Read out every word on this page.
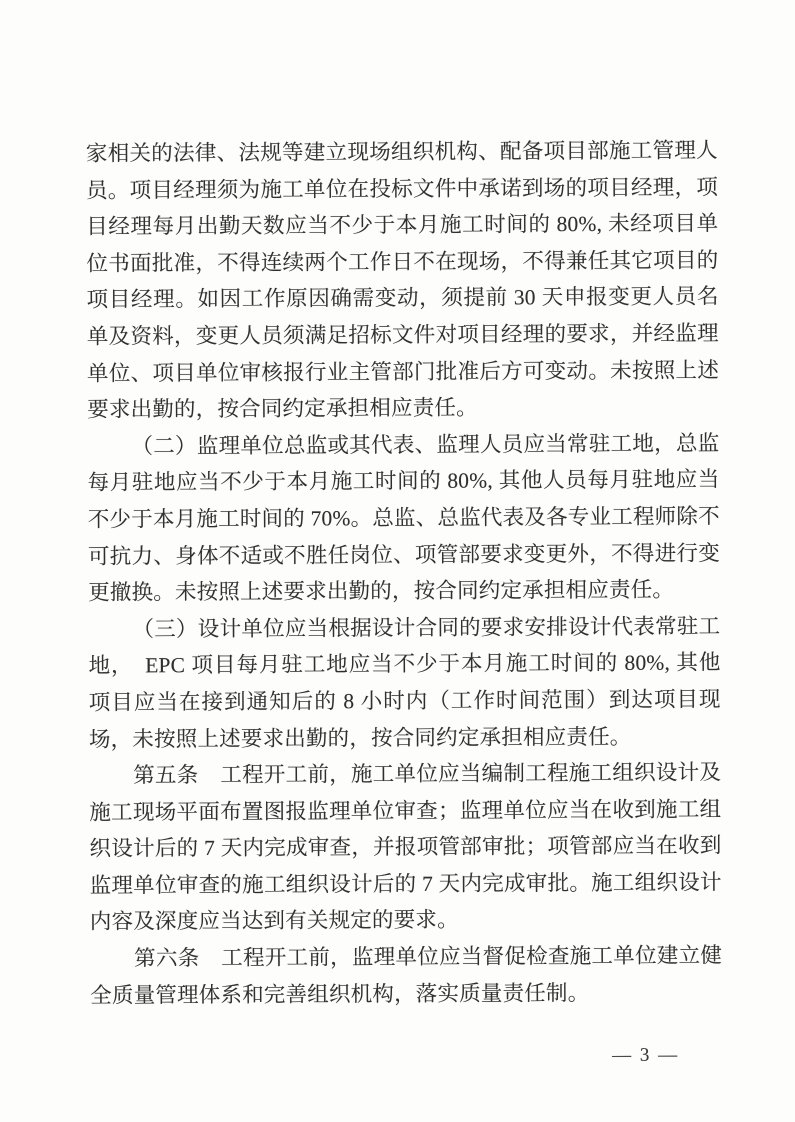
家相关的法律、法规等建立现场组织机构、配备项目部施工管理人员。项目经理须为施工单位在投标文件中承诺到场的项目经理，项目经理每月出勤天数应当不少于本月施工时间的 80%, 未经项目单位书面批准，不得连续两个工作日不在现场，不得兼任其它项目的项目经理。如因工作原因确需变动，须提前 30 天申报变更人员名单及资料，变更人员须满足招标文件对项目经理的要求，并经监理单位、项目单位审核报行业主管部门批准后方可变动。未按照上述要求出勤的，按合同约定承担相应责任。

（二）监理单位总监或其代表、监理人员应当常驻工地，总监每月驻地应当不少于本月施工时间的 80%, 其他人员每月驻地应当不少于本月施工时间的 70%。总监、总监代表及各专业工程师除不可抗力、身体不适或不胜任岗位、项管部要求变更外，不得进行变更撤换。未按照上述要求出勤的，按合同约定承担相应责任。

（三）设计单位应当根据设计合同的要求安排设计代表常驻工地，　EPC 项目每月驻工地应当不少于本月施工时间的 80%, 其他项目应当在接到通知后的 8 小时内（工作时间范围）到达项目现场，未按照上述要求出勤的，按合同约定承担相应责任。

第五条　工程开工前，施工单位应当编制工程施工组织设计及施工现场平面布置图报监理单位审查；监理单位应当在收到施工组织设计后的 7 天内完成审查，并报项管部审批；项管部应当在收到监理单位审查的施工组织设计后的 7 天内完成审批。施工组织设计内容及深度应当达到有关规定的要求。

第六条　工程开工前，监理单位应当督促检查施工单位建立健全质量管理体系和完善组织机构，落实质量责任制。

— 3 —
